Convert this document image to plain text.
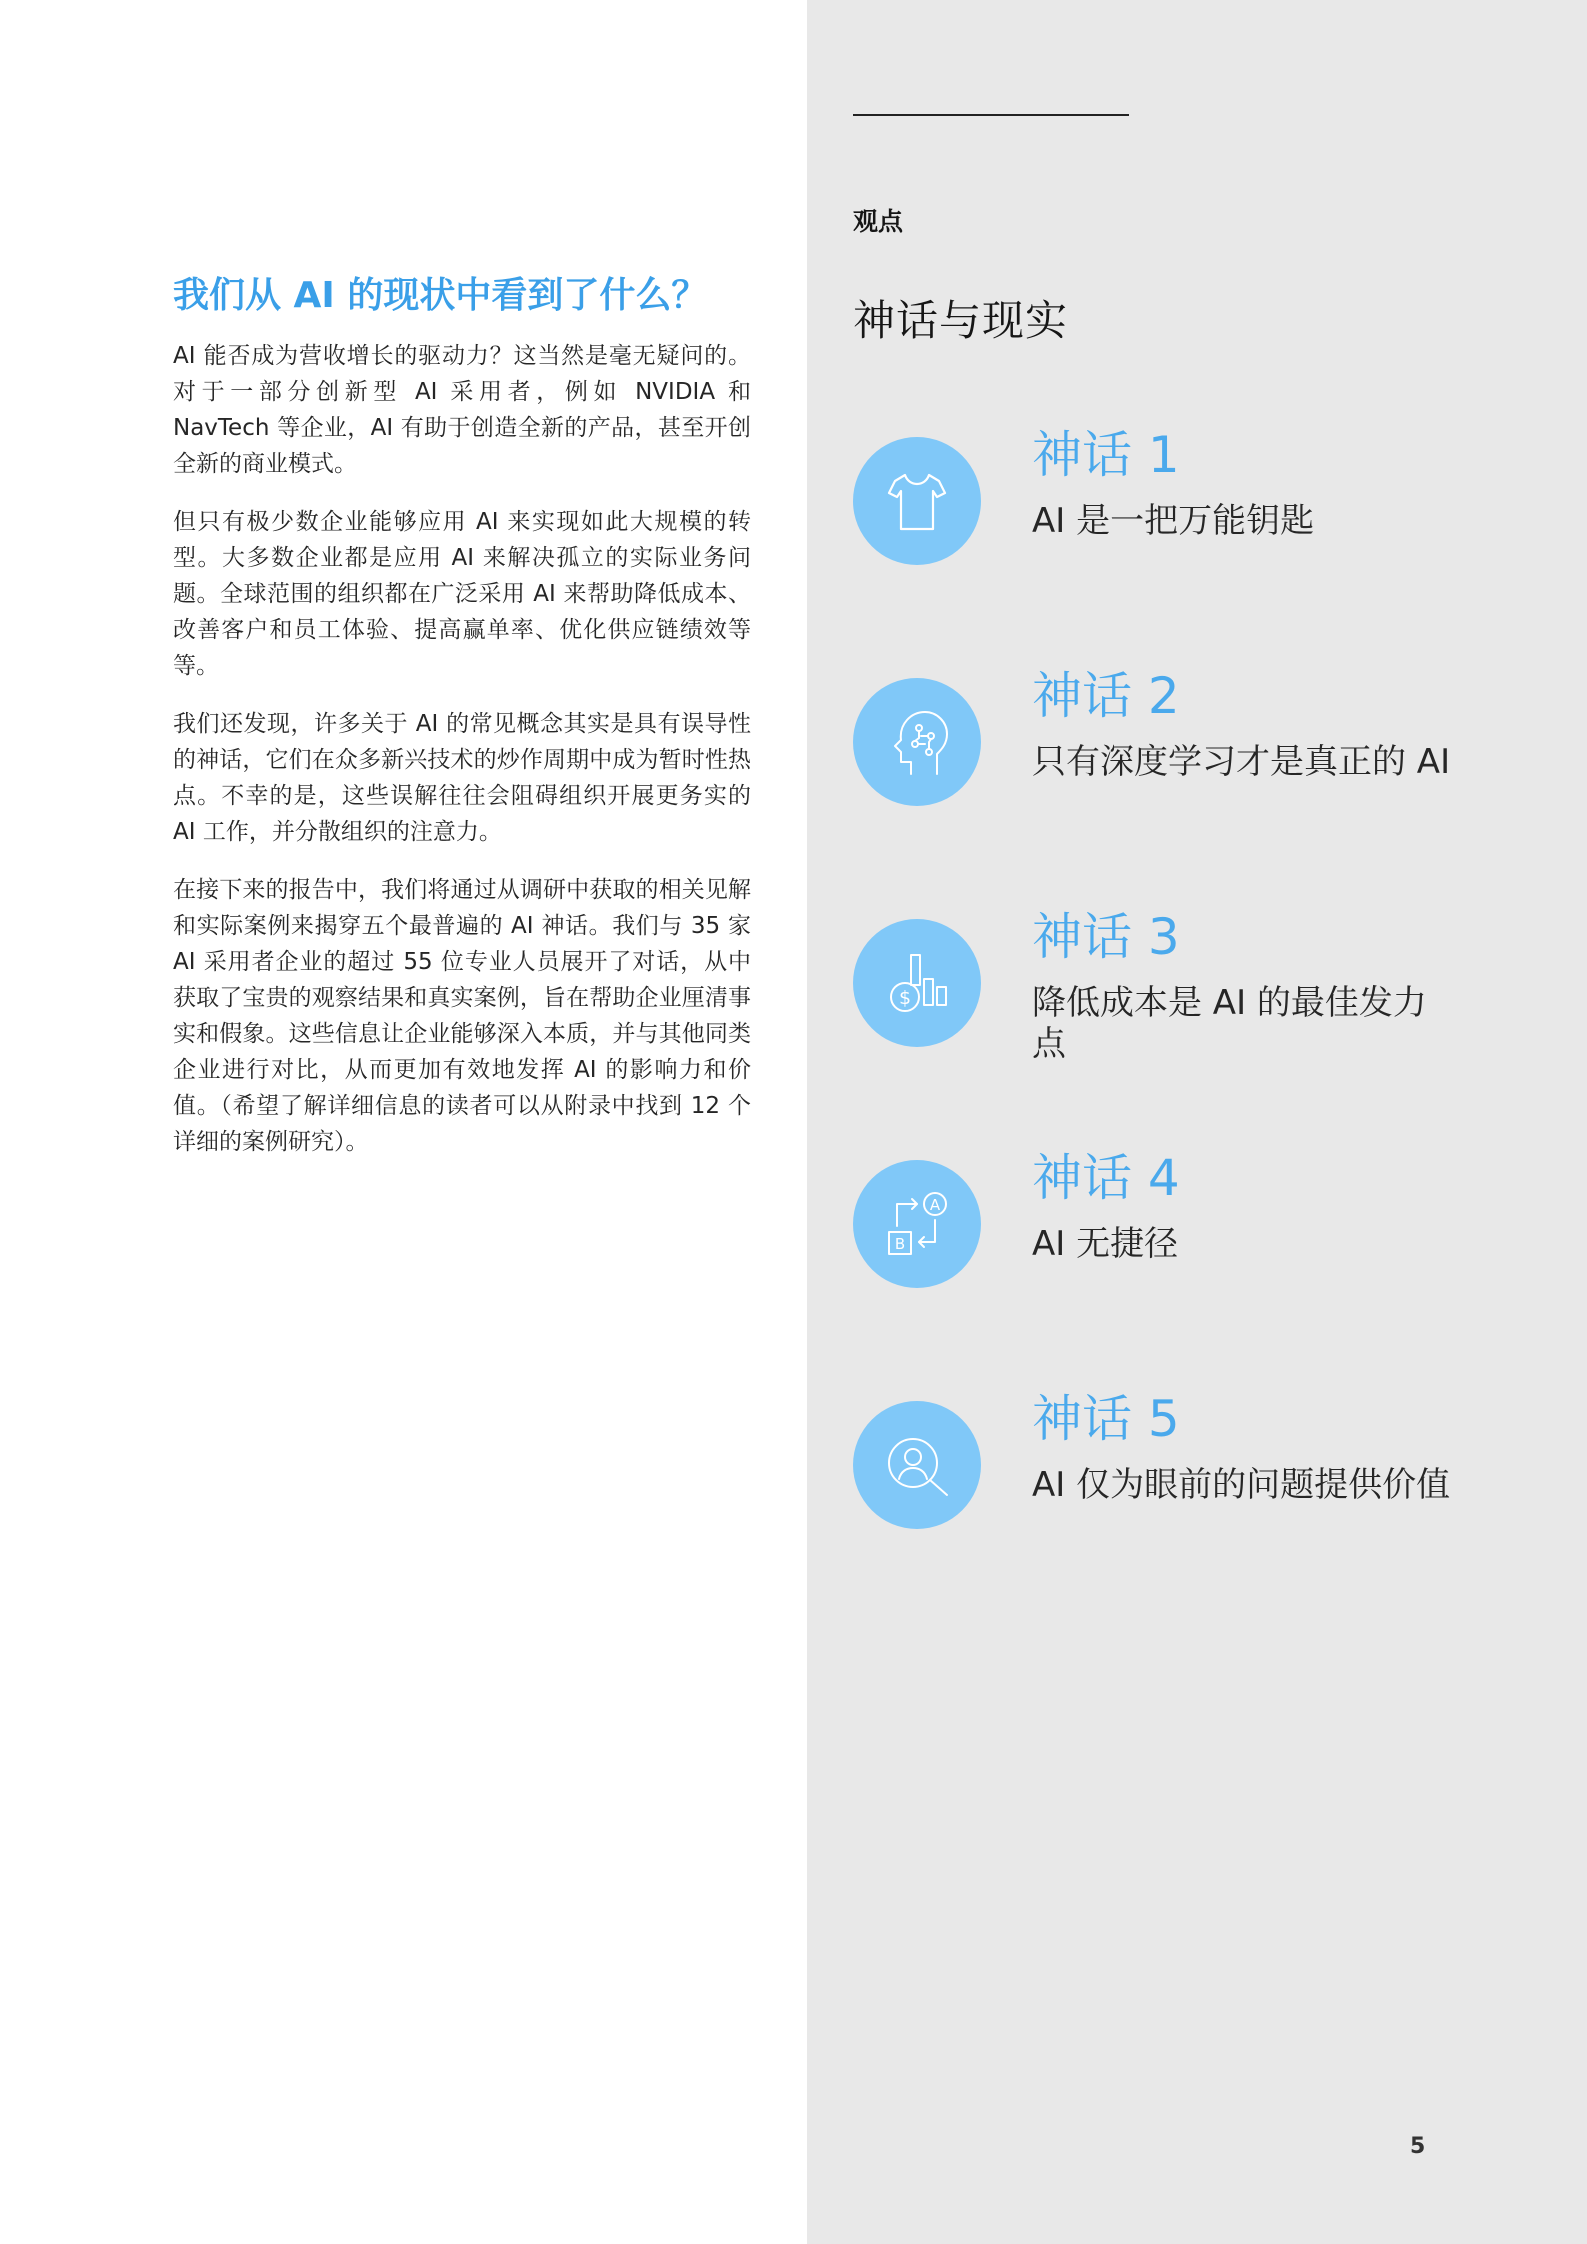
观点
神话与现实
我们从 AI 的现状中看到了什么？

AI 能否成为营收增长的驱动力？这当然是毫无疑问的。对于一部分创新型 AI 采用者，例如 NVIDIA 和 NavTech 等企业，AI 有助于创造全新的产品，甚至开创全新的商业模式。

但只有极少数企业能够应用 AI 来实现如此大规模的转型。大多数企业都是应用 AI 来解决孤立的实际业务问题。全球范围的组织都在广泛采用 AI 来帮助降低成本、改善客户和员工体验、提高赢单率、优化供应链绩效等等。

我们还发现，许多关于 AI 的常见概念其实是具有误导性的神话，它们在众多新兴技术的炒作周期中成为暂时性热点。不幸的是，这些误解往往会阻碍组织开展更务实的 AI 工作，并分散组织的注意力。

在接下来的报告中，我们将通过从调研中获取的相关见解和实际案例来揭穿五个最普遍的 AI 神话。我们与 35 家 AI 采用者企业的超过 55 位专业人员展开了对话，从中获取了宝贵的观察结果和真实案例，旨在帮助企业厘清事实和假象。这些信息让企业能够深入本质，并与其他同类企业进行对比，从而更加有效地发挥 AI 的影响力和价值。（希望了解详细信息的读者可以从附录中找到 12 个详细的案例研究）。

神话 1
AI 是一把万能钥匙
神话 2
只有深度学习才是真正的 AI
$
神话 3
降低成本是 AI 的最佳发力点
A
B
神话 4
AI 无捷径
神话 5
AI 仅为眼前的问题提供价值
5
